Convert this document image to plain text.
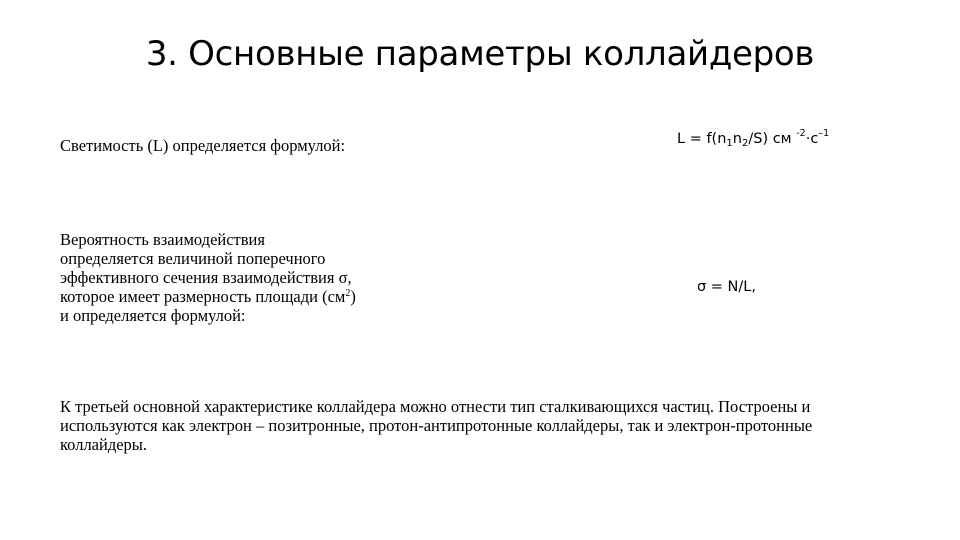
3. Основные параметры коллайдеров
Светимость (L) определяется формулой:	$L = f(n_1n_2/S)$ см $^{-2}\cdot с^{-1}$
Вероятность взаимодействия
определяется величиной поперечного
эффективного сечения взаимодействия σ,
которое имеет размерность площади $(см^2)$
и определяется формулой:
σ = N/L,
К третьей основной характеристике коллайдера можно отнести тип сталкивающихся частиц. Построены и
используются как электрон – позитронные, протон-антипротонные коллайдеры, так и электрон-протонные
коллайдеры.
